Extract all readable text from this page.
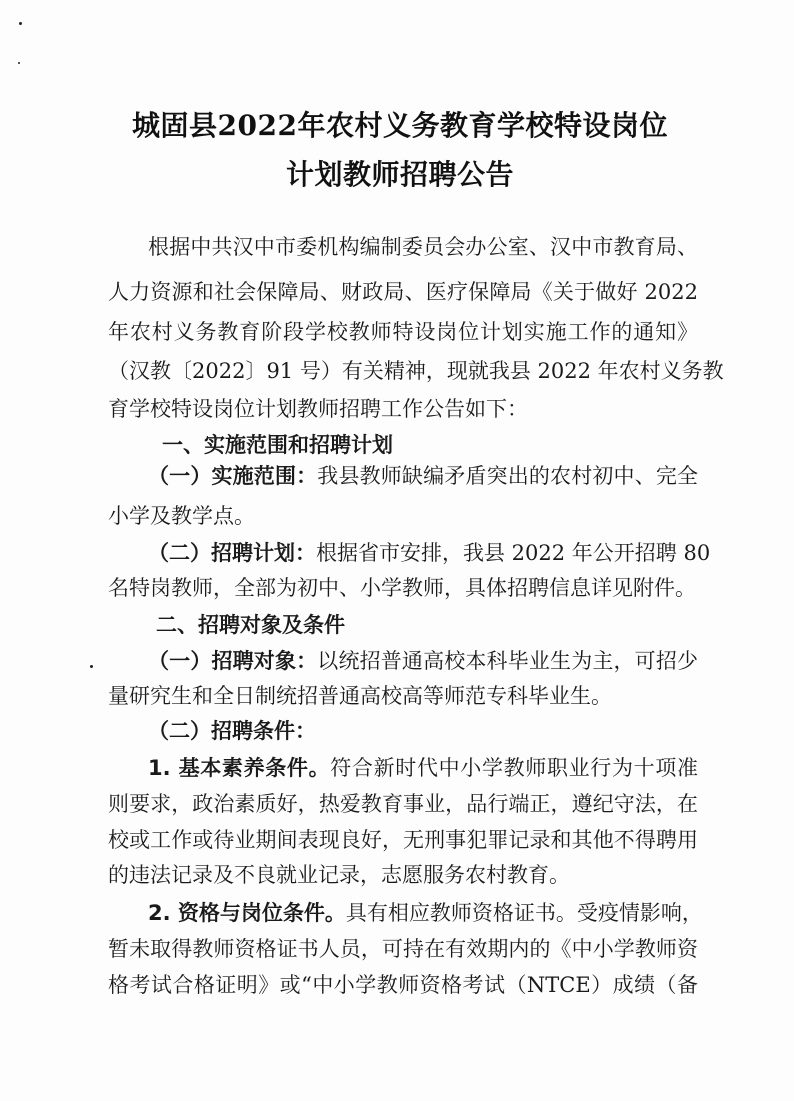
城固县2022年农村义务教育学校特设岗位
计划教师招聘公告
根据中共汉中市委机构编制委员会办公室、汉中市教育局、
人力资源和社会保障局、财政局、医疗保障局《关于做好 2022
年农村义务教育阶段学校教师特设岗位计划实施工作的通知》
（汉教〔2022〕91 号）有关精神，现就我县 2022 年农村义务教
育学校特设岗位计划教师招聘工作公告如下：
一、实施范围和招聘计划
（一）实施范围：我县教师缺编矛盾突出的农村初中、完全
小学及教学点。
（二）招聘计划：根据省市安排，我县 2022 年公开招聘 80
名特岗教师，全部为初中、小学教师，具体招聘信息详见附件。
二、招聘对象及条件
（一）招聘对象：以统招普通高校本科毕业生为主，可招少
量研究生和全日制统招普通高校高等师范专科毕业生。
（二）招聘条件：
1. 基本素养条件。符合新时代中小学教师职业行为十项准
则要求，政治素质好，热爱教育事业，品行端正，遵纪守法，在
校或工作或待业期间表现良好，无刑事犯罪记录和其他不得聘用
的违法记录及不良就业记录，志愿服务农村教育。
2. 资格与岗位条件。具有相应教师资格证书。受疫情影响，
暂未取得教师资格证书人员，可持在有效期内的《中小学教师资
格考试合格证明》或“中小学教师资格考试（NTCE）成绩（备
